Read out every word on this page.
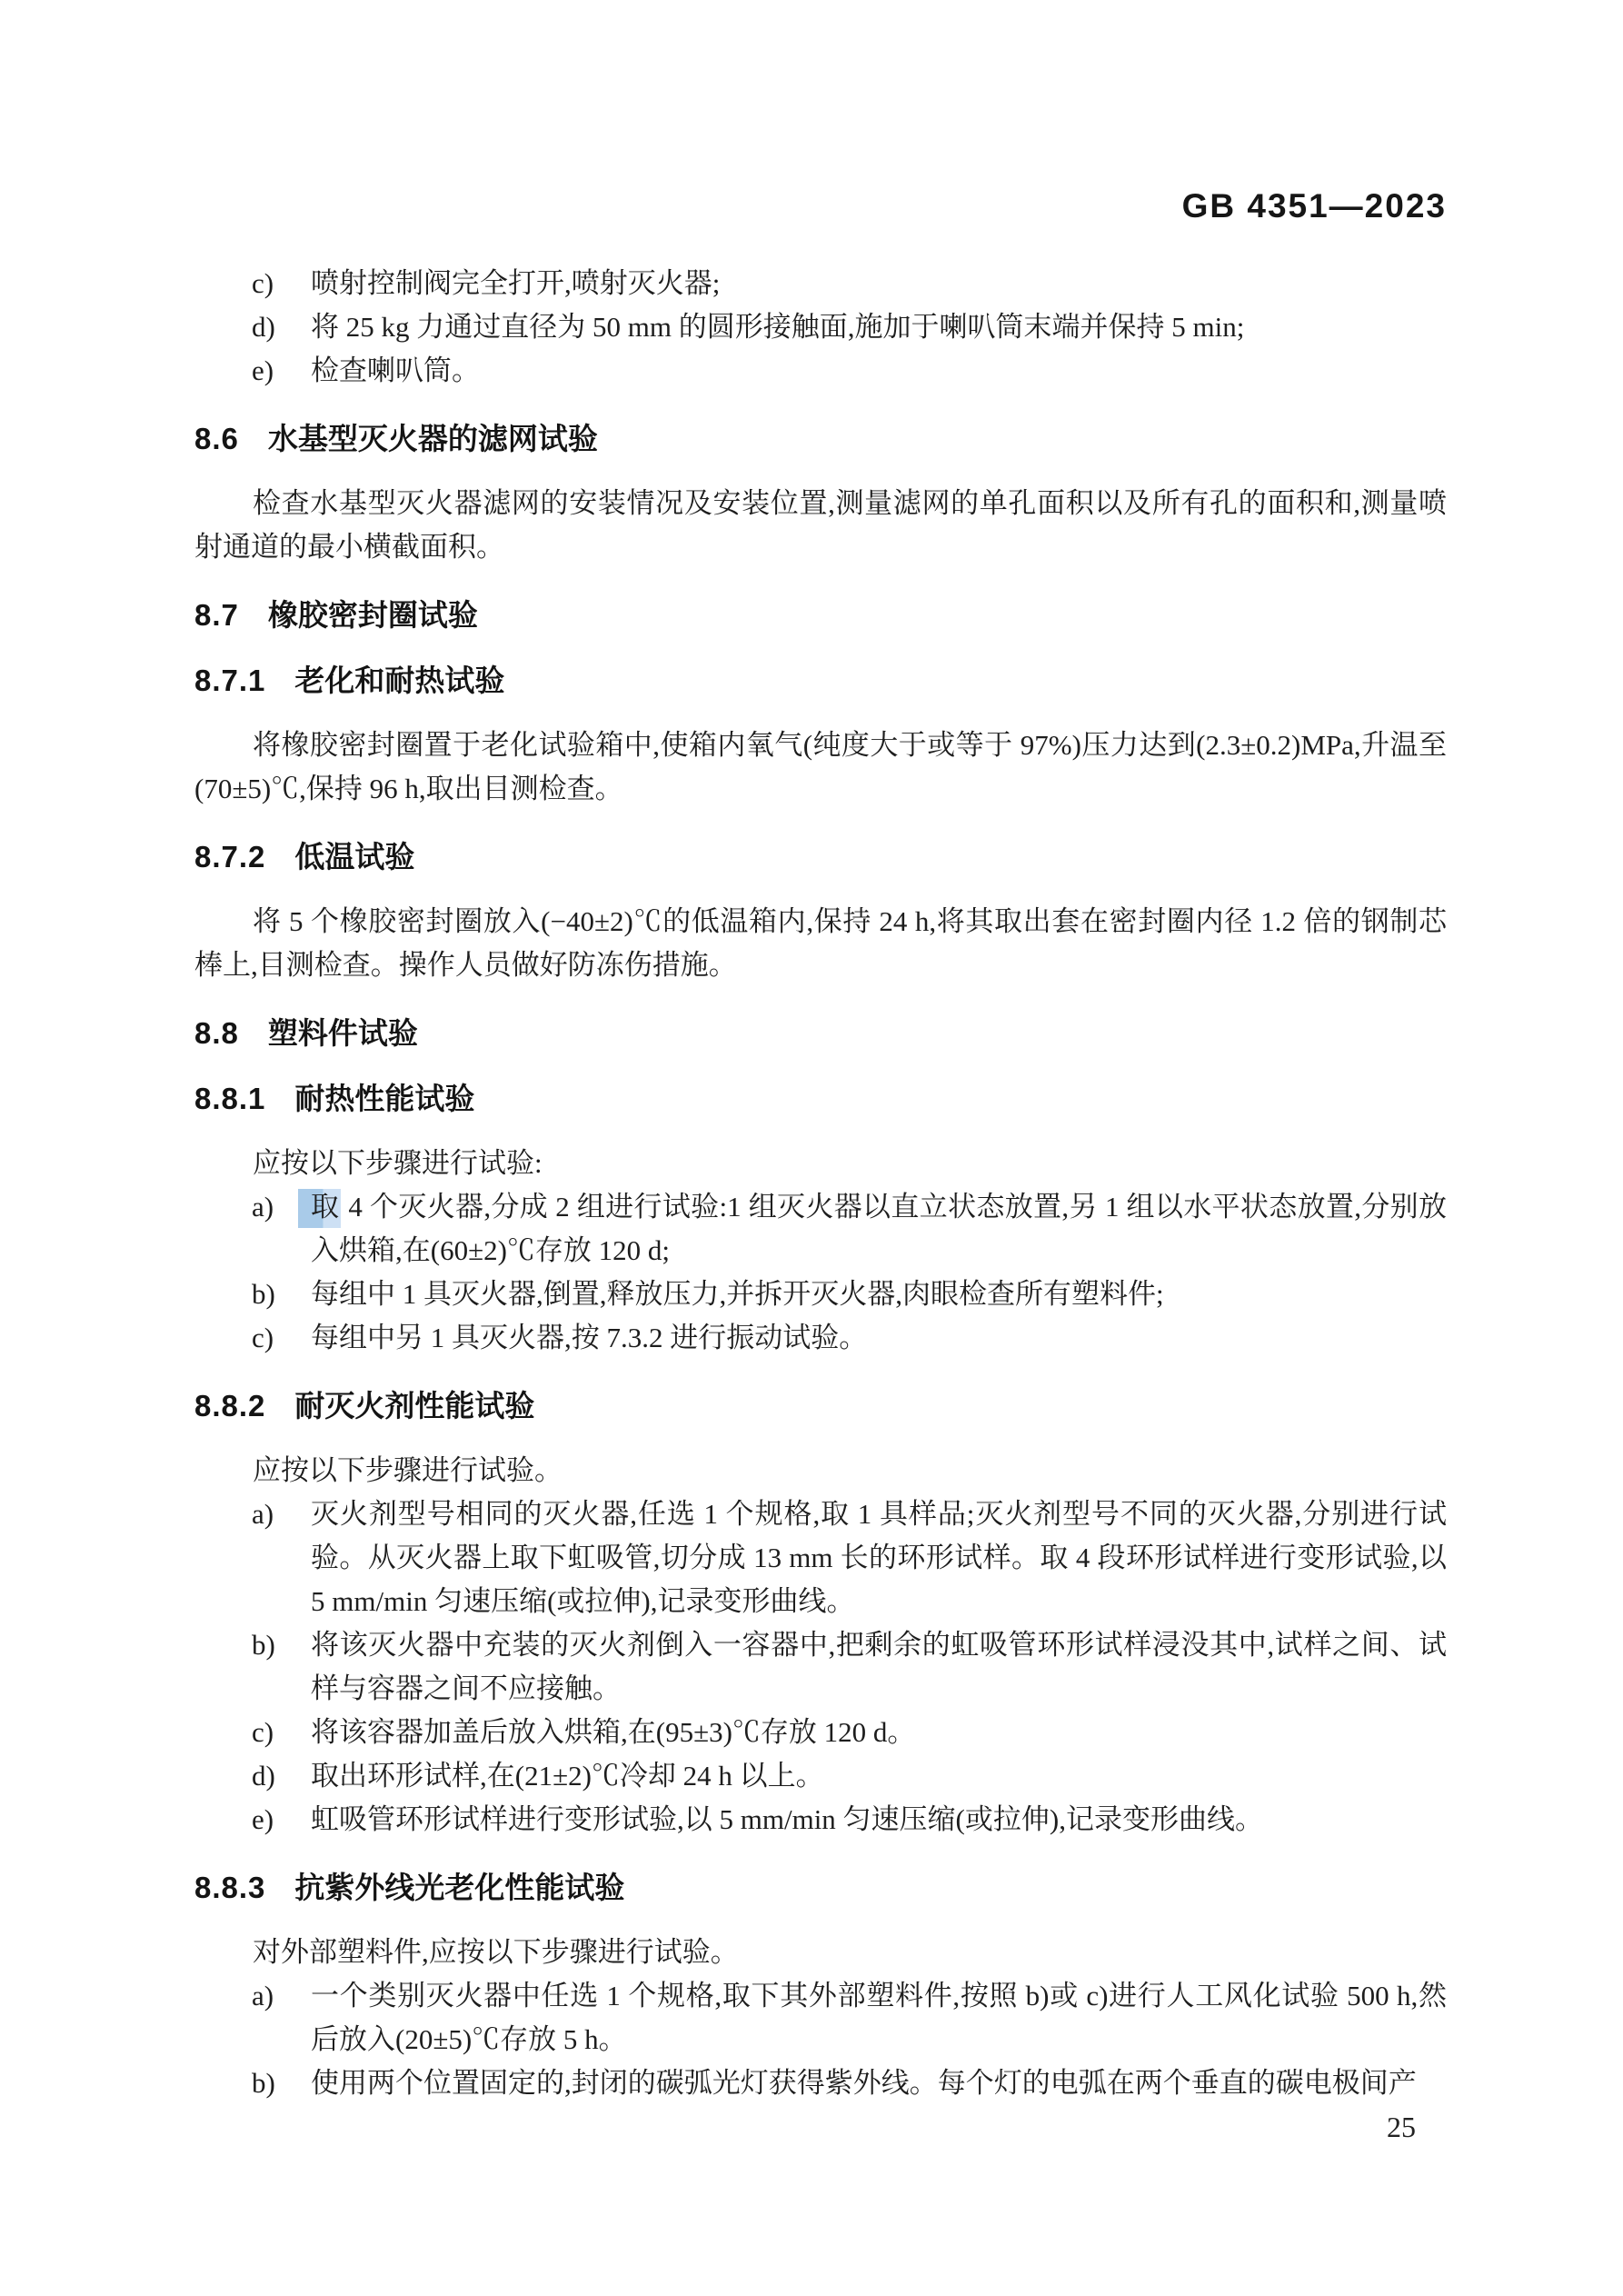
GB 4351—2023
c) 喷射控制阀完全打开,喷射灭火器;
d) 将 25 kg 力通过直径为 50 mm 的圆形接触面,施加于喇叭筒末端并保持 5 min;
e) 检查喇叭筒。
8.6 水基型灭火器的滤网试验

检查水基型灭火器滤网的安装情况及安装位置,测量滤网的单孔面积以及所有孔的面积和,测量喷射通道的最小横截面积。

8.7 橡胶密封圈试验
8.7.1 老化和耐热试验

将橡胶密封圈置于老化试验箱中,使箱内氧气(纯度大于或等于 97%)压力达到(2.3±0.2)MPa,升温至(70±5)℃,保持 96 h,取出目测检查。

8.7.2 低温试验

将 5 个橡胶密封圈放入(−40±2)℃的低温箱内,保持 24 h,将其取出套在密封圈内径 1.2 倍的钢制芯棒上,目测检查。操作人员做好防冻伤措施。

8.8 塑料件试验
8.8.1 耐热性能试验

应按以下步骤进行试验:

a) 取 4 个灭火器,分成 2 组进行试验:1 组灭火器以直立状态放置,另 1 组以水平状态放置,分别放入烘箱,在(60±2)℃存放 120 d;
b) 每组中 1 具灭火器,倒置,释放压力,并拆开灭火器,肉眼检查所有塑料件;
c) 每组中另 1 具灭火器,按 7.3.2 进行振动试验。
8.8.2 耐灭火剂性能试验

应按以下步骤进行试验。

a) 灭火剂型号相同的灭火器,任选 1 个规格,取 1 具样品;灭火剂型号不同的灭火器,分别进行试验。从灭火器上取下虹吸管,切分成 13 mm 长的环形试样。取 4 段环形试样进行变形试验,以 5 mm/min 匀速压缩(或拉伸),记录变形曲线。
b) 将该灭火器中充装的灭火剂倒入一容器中,把剩余的虹吸管环形试样浸没其中,试样之间、试样与容器之间不应接触。
c) 将该容器加盖后放入烘箱,在(95±3)℃存放 120 d。
d) 取出环形试样,在(21±2)℃冷却 24 h 以上。
e) 虹吸管环形试样进行变形试验,以 5 mm/min 匀速压缩(或拉伸),记录变形曲线。
8.8.3 抗紫外线光老化性能试验

对外部塑料件,应按以下步骤进行试验。

a) 一个类别灭火器中任选 1 个规格,取下其外部塑料件,按照 b)或 c)进行人工风化试验 500 h,然后放入(20±5)℃存放 5 h。
b) 使用两个位置固定的,封闭的碳弧光灯获得紫外线。每个灯的电弧在两个垂直的碳电极间产
25
